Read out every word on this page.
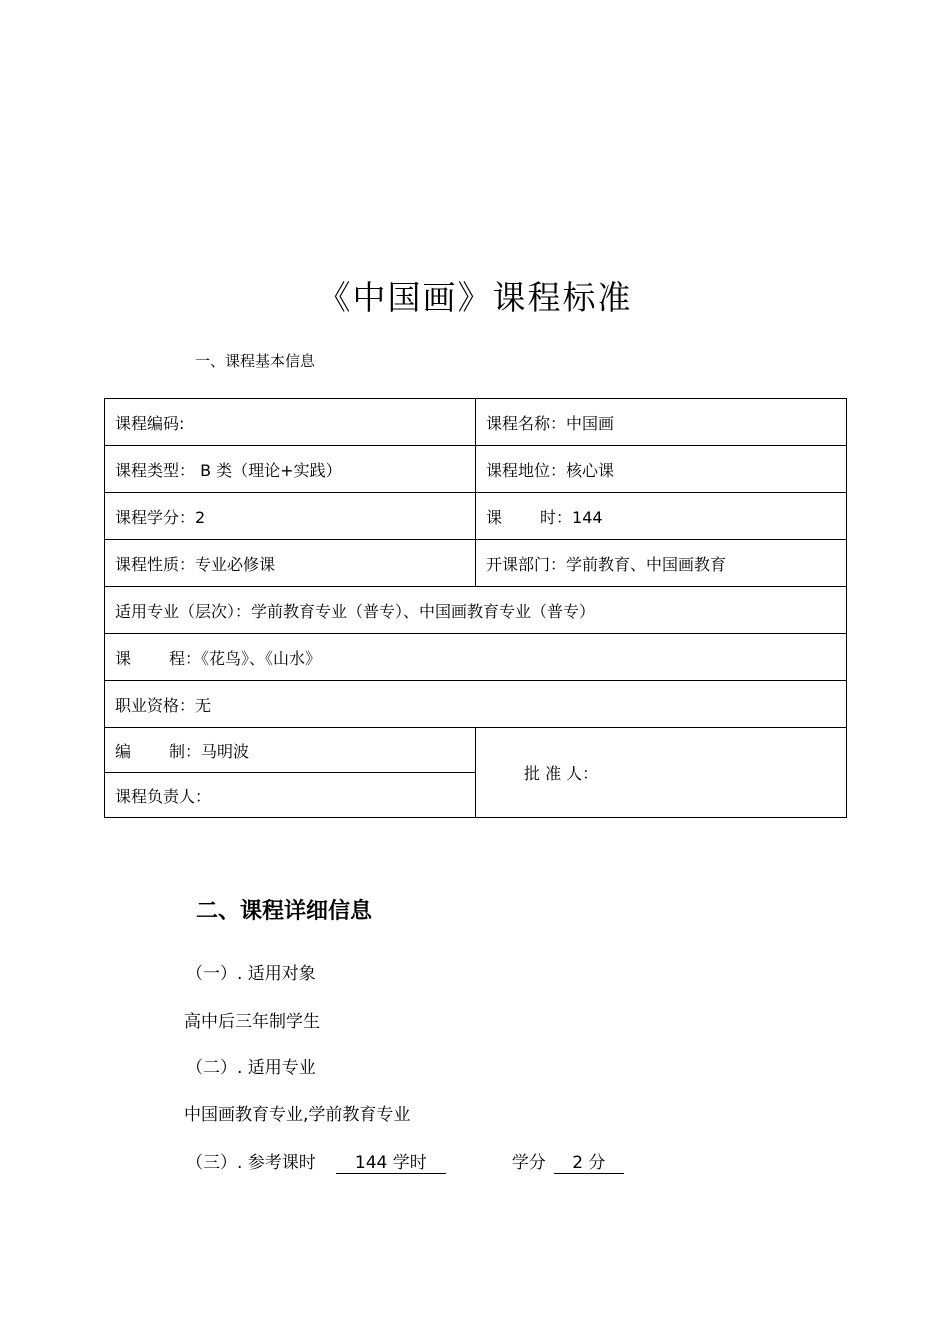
《中国画》课程标准

一、课程基本信息

课程编码:	课程名称：中国画
课程类型： B 类（理论+实践）	课程地位：核心课
课程学分：2	课 时：144
课程性质：专业必修课	开课部门：学前教育、中国画教育
适用专业（层次）：学前教育专业（普专）、中国画教育专业（普专）	
课 程：《花鸟》、《山水》	
职业资格：无	
编 制：马明波	批 准 人：
课程负责人：	
二、课程详细信息

（一）. 适用对象

高中后三年制学生

（二）. 适用专业

中国画教育专业,学前教育专业

（三）. 参考课时 144 学时	学分 2 分
